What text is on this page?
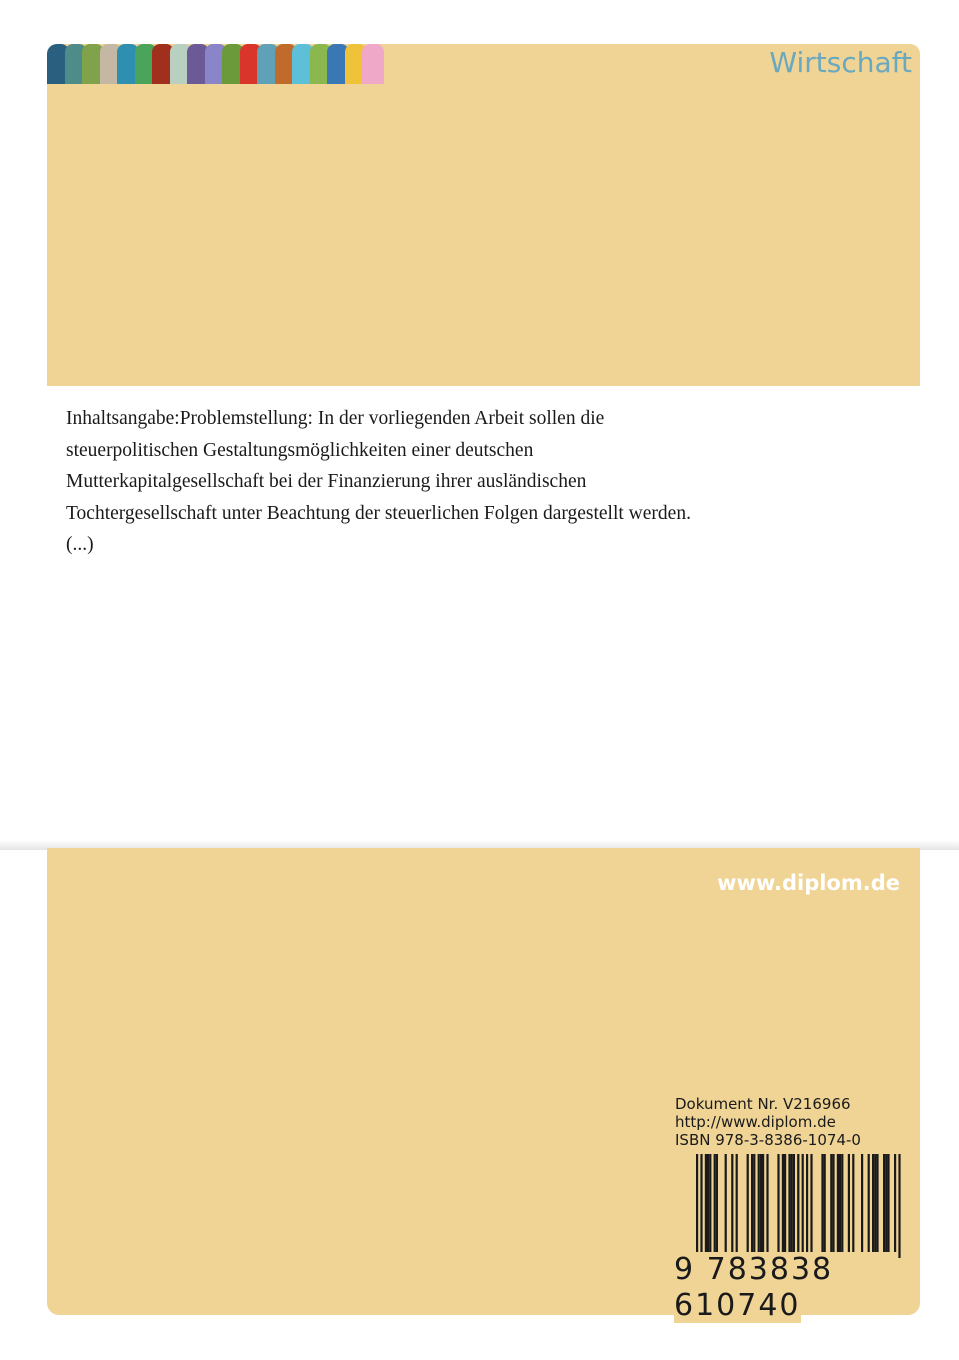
Wirtschaft

Inhaltsangabe:Problemstellung: In der vorliegenden Arbeit sollen die

steuerpolitischen Gestaltungsmöglichkeiten einer deutschen

Mutterkapitalgesellschaft bei der Finanzierung ihrer ausländischen

Tochtergesellschaft unter Beachtung der steuerlichen Folgen dargestellt werden.

(...)

www.diplom.de
Dokument Nr. V216966
http://www.diplom.de
ISBN 978-3-8386-1074-0
9 783838 610740
